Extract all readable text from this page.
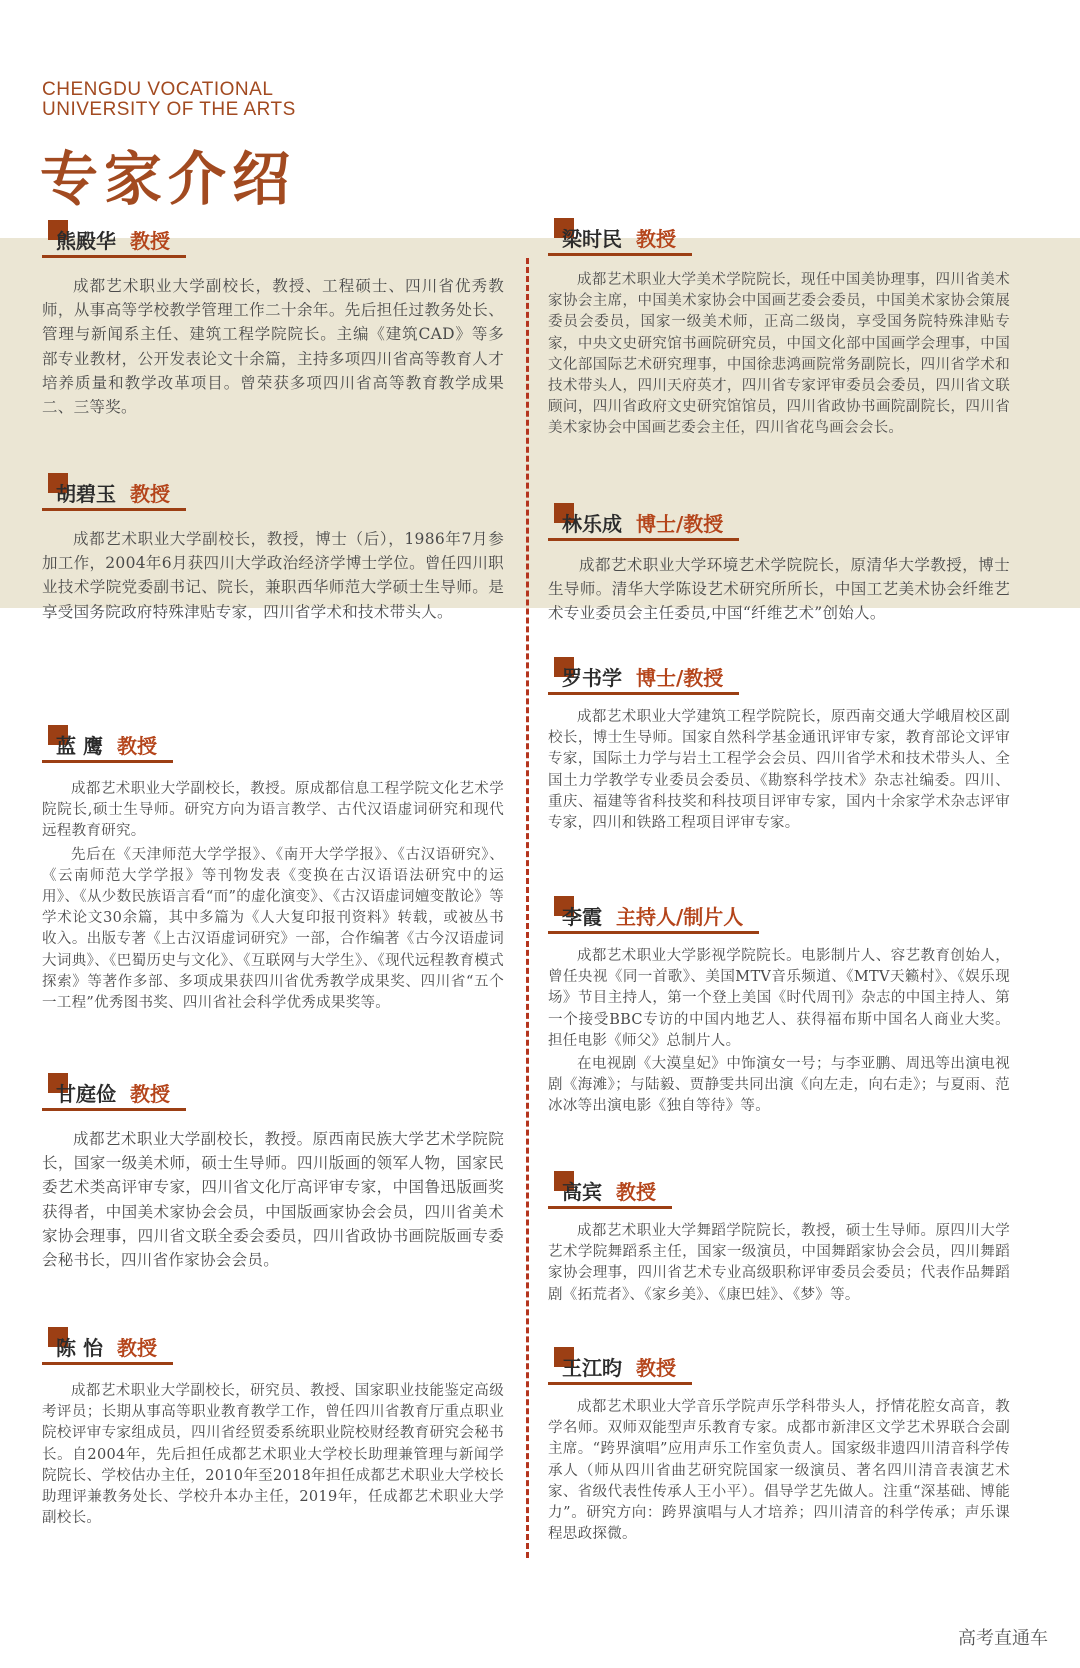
CHENGDU VOCATIONAL
UNIVERSITY OF THE ARTS
专家介绍
熊殿华 教授

成都艺术职业大学副校长，教授、工程硕士、四川省优秀教师，从事高等学校教学管理工作二十余年。先后担任过教务处长、管理与新闻系主任、建筑工程学院院长。主编《建筑CAD》等多部专业教材，公开发表论文十余篇，主持多项四川省高等教育人才培养质量和教学改革项目。曾荣获多项四川省高等教育教学成果二、三等奖。

胡碧玉 教授

成都艺术职业大学副校长，教授，博士（后），1986年7月参加工作，2004年6月获四川大学政治经济学博士学位。曾任四川职业技术学院党委副书记、院长，兼职西华师范大学硕士生导师。是享受国务院政府特殊津贴专家，四川省学术和技术带头人。

蓝 鹰 教授

成都艺术职业大学副校长，教授。原成都信息工程学院文化艺术学院院长,硕士生导师。研究方向为语言教学、古代汉语虚词研究和现代远程教育研究。

先后在《天津师范大学学报》、《南开大学学报》、《古汉语研究》、《云南师范大学学报》等刊物发表《变换在古汉语语法研究中的运用》、《从少数民族语言看“而”的虚化演变》、《古汉语虚词嬗变散论》等学术论文30余篇，其中多篇为《人大复印报刊资料》转载，或被丛书收入。出版专著《上古汉语虚词研究》一部，合作编著《古今汉语虚词大词典》、《巴蜀历史与文化》、《互联网与大学生》、《现代远程教育模式探索》等著作多部、多项成果获四川省优秀教学成果奖、四川省“五个一工程”优秀图书奖、四川省社会科学优秀成果奖等。

甘庭俭 教授

成都艺术职业大学副校长，教授。原西南民族大学艺术学院院长，国家一级美术师，硕士生导师。四川版画的领军人物，国家民委艺术类高评审专家，四川省文化厅高评审专家，中国鲁迅版画奖获得者，中国美术家协会会员，中国版画家协会会员，四川省美术家协会理事，四川省文联全委会委员，四川省政协书画院版画专委会秘书长，四川省作家协会会员。

陈 怡 教授

成都艺术职业大学副校长，研究员、教授、国家职业技能鉴定高级考评员；长期从事高等职业教育教学工作，曾任四川省教育厅重点职业院校评审专家组成员，四川省经贸委系统职业院校财经教育研究会秘书长。自2004年，先后担任成都艺术职业大学校长助理兼管理与新闻学院院长、学校估办主任，2010年至2018年担任成都艺术职业大学校长助理评兼教务处长、学校升本办主任，2019年，任成都艺术职业大学副校长。

梁时民 教授

成都艺术职业大学美术学院院长，现任中国美协理事，四川省美术家协会主席，中国美术家协会中国画艺委会委员，中国美术家协会策展委员会委员，国家一级美术师，正高二级岗，享受国务院特殊津贴专家，中央文史研究馆书画院研究员，中国文化部中国画学会理事，中国文化部国际艺术研究理事，中国徐悲鸿画院常务副院长，四川省学术和技术带头人，四川天府英才，四川省专家评审委员会委员，四川省文联顾问，四川省政府文史研究馆馆员，四川省政协书画院副院长，四川省美术家协会中国画艺委会主任，四川省花鸟画会会长。

林乐成 博士/教授

成都艺术职业大学环境艺术学院院长，原清华大学教授，博士生导师。清华大学陈设艺术研究所所长，中国工艺美术协会纤维艺术专业委员会主任委员,中国“纤维艺术”创始人。

罗书学 博士/教授

成都艺术职业大学建筑工程学院院长，原西南交通大学峨眉校区副校长，博士生导师。国家自然科学基金通讯评审专家，教育部论文评审专家，国际土力学与岩土工程学会会员、四川省学术和技术带头人、全国土力学教学专业委员会委员、《勘察科学技术》杂志社编委。四川、重庆、福建等省科技奖和科技项目评审专家，国内十余家学术杂志评审专家，四川和铁路工程项目评审专家。

李霞 主持人/制片人

成都艺术职业大学影视学院院长。电影制片人、容艺教育创始人，曾任央视《同一首歌》、美国MTV音乐频道、《MTV天籁村》、《娱乐现场》节目主持人，第一个登上美国《时代周刊》杂志的中国主持人、第一个接受BBC专访的中国内地艺人、获得福布斯中国名人商业大奖。担任电影《师父》总制片人。

在电视剧《大漠皇妃》中饰演女一号；与李亚鹏、周迅等出演电视剧《海滩》；与陆毅、贾静雯共同出演《向左走，向右走》；与夏雨、范冰冰等出演电影《独自等待》等。

高宾 教授

成都艺术职业大学舞蹈学院院长，教授，硕士生导师。原四川大学艺术学院舞蹈系主任，国家一级演员，中国舞蹈家协会会员，四川舞蹈家协会理事，四川省艺术专业高级职称评审委员会委员；代表作品舞蹈剧《拓荒者》、《家乡美》、《康巴娃》、《梦》等。

王江昀 教授

成都艺术职业大学音乐学院声乐学科带头人，抒情花腔女高音，教学名师。双师双能型声乐教育专家。成都市新津区文学艺术界联合会副主席。“跨界演唱”应用声乐工作室负责人。国家级非遗四川清音科学传承人（师从四川省曲艺研究院国家一级演员、著名四川清音表演艺术家、省级代表性传承人王小平）。倡导学艺先做人。注重“深基础、博能力”。研究方向：跨界演唱与人才培养；四川清音的科学传承；声乐课程思政探微。

高考直通车
